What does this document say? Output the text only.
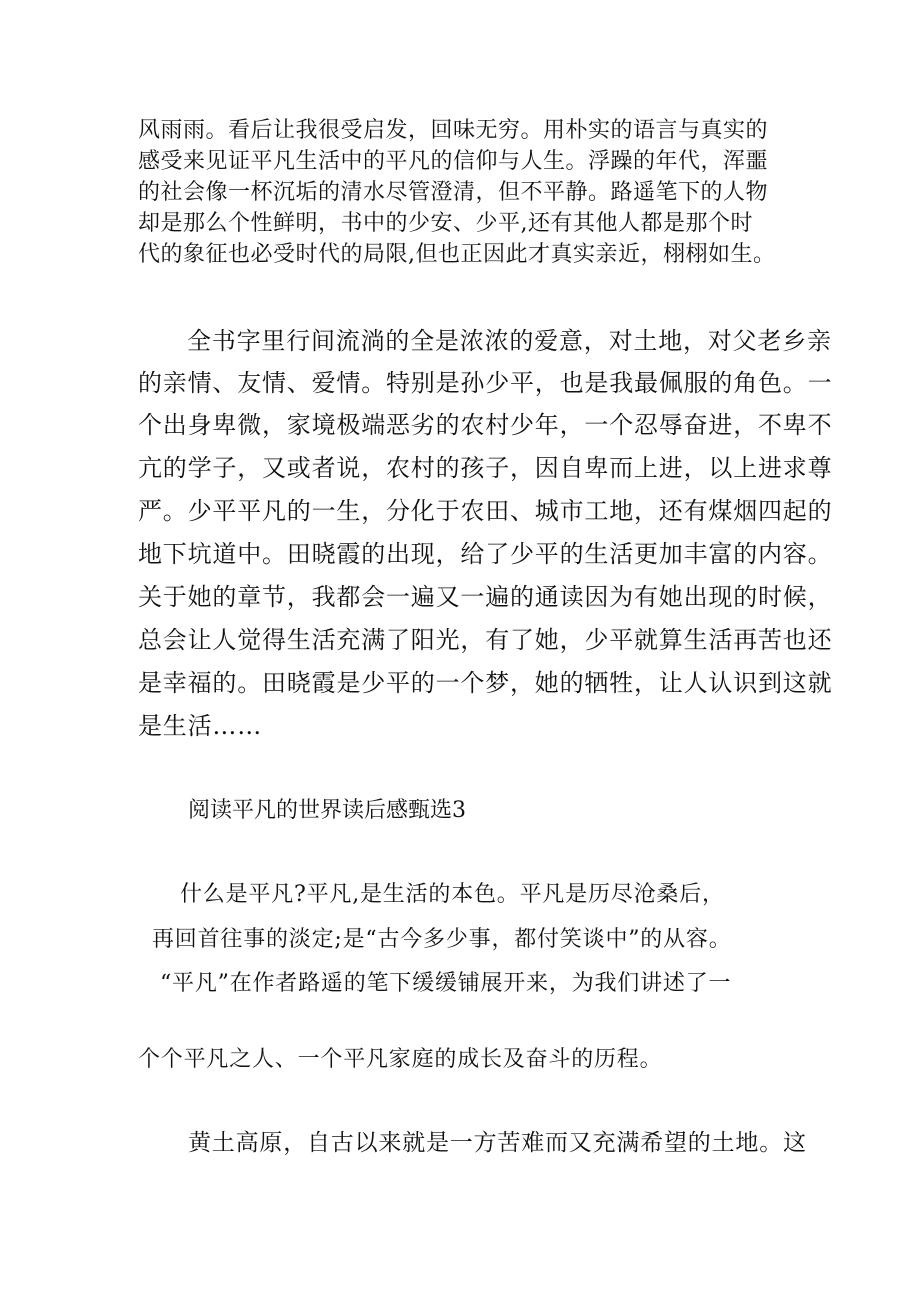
风雨雨。看后让我很受启发，回味无穷。用朴实的语言与真实的

感受来见证平凡生活中的平凡的信仰与人生。浮躁的年代，浑噩

的社会像一杯沉垢的清水尽管澄清，但不平静。路遥笔下的人物

却是那么个性鲜明，书中的少安、少平,还有其他人都是那个时

代的象征也必受时代的局限,但也正因此才真实亲近，栩栩如生。

全书字里行间流淌的全是浓浓的爱意，对土地，对父老乡亲

的亲情、友情、爱情。特别是孙少平，也是我最佩服的角色。一

个出身卑微，家境极端恶劣的农村少年，一个忍辱奋进，不卑不

亢的学子，又或者说，农村的孩子，因自卑而上进，以上进求尊

严。少平平凡的一生，分化于农田、城市工地，还有煤烟四起的

地下坑道中。田晓霞的出现，给了少平的生活更加丰富的内容。

关于她的章节，我都会一遍又一遍的通读因为有她出现的时候，

总会让人觉得生活充满了阳光，有了她，少平就算生活再苦也还

是幸福的。田晓霞是少平的一个梦，她的牺牲，让人认识到这就

是生活……

阅读平凡的世界读后感甄选3

什么是平凡?平凡,是生活的本色。平凡是历尽沧桑后，

再回首往事的淡定;是“古今多少事，都付笑谈中”的从容。

“平凡”在作者路遥的笔下缓缓铺展开来，为我们讲述了一

个个平凡之人、一个平凡家庭的成长及奋斗的历程。

黄土高原，自古以来就是一方苦难而又充满希望的土地。这
